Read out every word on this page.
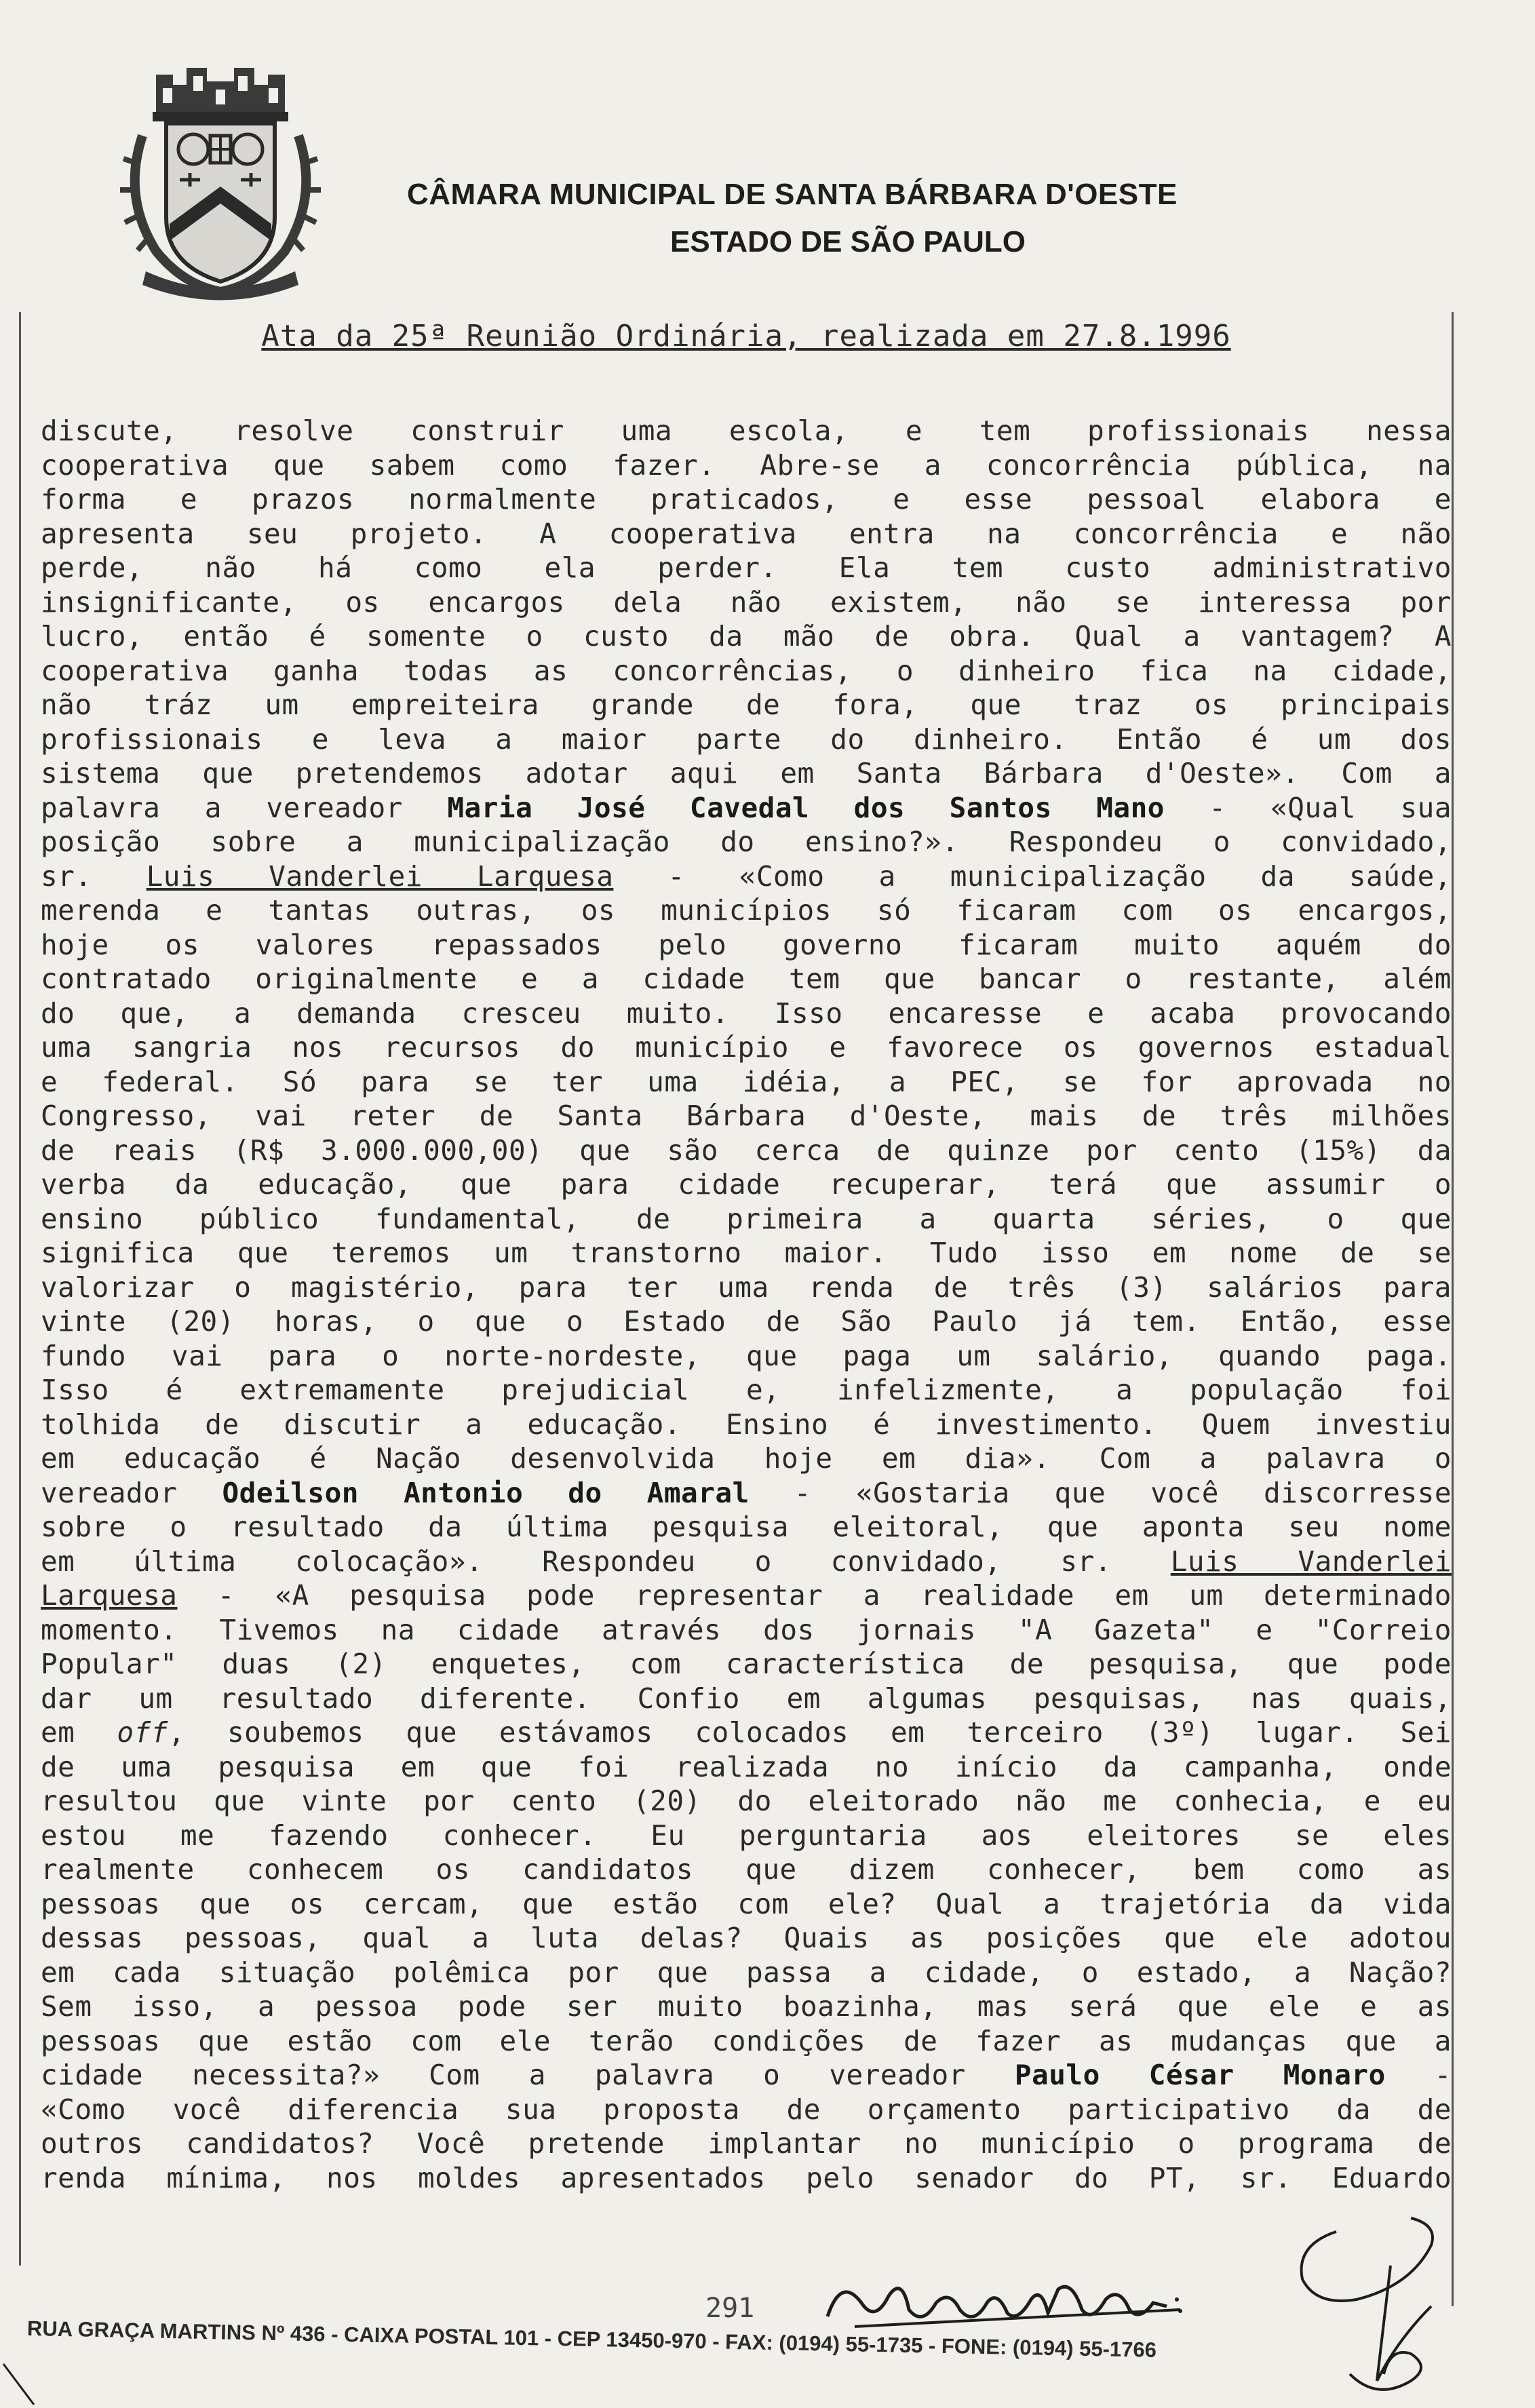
CÂMARA MUNICIPAL DE SANTA BÁRBARA D'OESTE
ESTADO DE SÃO PAULO
Ata da 25ª Reunião Ordinária, realizada em 27.8.1996
discute, resolve construir uma escola, e tem profissionais nessa
cooperativa que sabem como fazer. Abre-se a concorrência pública, na
forma e prazos normalmente praticados, e esse pessoal elabora e
apresenta seu projeto. A cooperativa entra na concorrência e não
perde, não há como ela perder. Ela tem custo administrativo
insignificante, os encargos dela não existem, não se interessa por
lucro, então é somente o custo da mão de obra. Qual a vantagem? A
cooperativa ganha todas as concorrências, o dinheiro fica na cidade,
não tráz um empreiteira grande de fora, que traz os principais
profissionais e leva a maior parte do dinheiro. Então é um dos
sistema que pretendemos adotar aqui em Santa Bárbara d'Oeste». Com a
palavra a vereador Maria José Cavedal dos Santos Mano - «Qual sua
posição sobre a municipalização do ensino?». Respondeu o convidado,
sr. Luis Vanderlei Larquesa - «Como a municipalização da saúde,
merenda e tantas outras, os municípios só ficaram com os encargos,
hoje os valores repassados pelo governo ficaram muito aquém do
contratado originalmente e a cidade tem que bancar o restante, além
do que, a demanda cresceu muito. Isso encaresse e acaba provocando
uma sangria nos recursos do município e favorece os governos estadual
e federal. Só para se ter uma idéia, a PEC, se for aprovada no
Congresso, vai reter de Santa Bárbara d'Oeste, mais de três milhões
de reais (R$ 3.000.000,00) que são cerca de quinze por cento (15%) da
verba da educação, que para cidade recuperar, terá que assumir o
ensino público fundamental, de primeira a quarta séries, o que
significa que teremos um transtorno maior. Tudo isso em nome de se
valorizar o magistério, para ter uma renda de três (3) salários para
vinte (20) horas, o que o Estado de São Paulo já tem. Então, esse
fundo vai para o norte-nordeste, que paga um salário, quando paga.
Isso é extremamente prejudicial e, infelizmente, a população foi
tolhida de discutir a educação. Ensino é investimento. Quem investiu
em educação é Nação desenvolvida hoje em dia». Com a palavra o
vereador Odeilson Antonio do Amaral - «Gostaria que você discorresse
sobre o resultado da última pesquisa eleitoral, que aponta seu nome
em última colocação». Respondeu o convidado, sr. Luis Vanderlei
Larquesa - «A pesquisa pode representar a realidade em um determinado
momento. Tivemos na cidade através dos jornais "A Gazeta" e "Correio
Popular" duas (2) enquetes, com característica de pesquisa, que pode
dar um resultado diferente. Confio em algumas pesquisas, nas quais,
em off, soubemos que estávamos colocados em terceiro (3º) lugar. Sei
de uma pesquisa em que foi realizada no início da campanha, onde
resultou que vinte por cento (20) do eleitorado não me conhecia, e eu
estou me fazendo conhecer. Eu perguntaria aos eleitores se eles
realmente conhecem os candidatos que dizem conhecer, bem como as
pessoas que os cercam, que estão com ele? Qual a trajetória da vida
dessas pessoas, qual a luta delas? Quais as posições que ele adotou
em cada situação polêmica por que passa a cidade, o estado, a Nação?
Sem isso, a pessoa pode ser muito boazinha, mas será que ele e as
pessoas que estão com ele terão condições de fazer as mudanças que a
cidade necessita?» Com a palavra o vereador Paulo César Monaro -
«Como você diferencia sua proposta de orçamento participativo da de
outros candidatos? Você pretende implantar no município o programa de
renda mínima, nos moldes apresentados pelo senador do PT, sr. Eduardo
291
RUA GRAÇA MARTINS Nº 436 - CAIXA POSTAL 101 - CEP 13450-970 - FAX: (0194) 55-1735 - FONE: (0194) 55-1766
